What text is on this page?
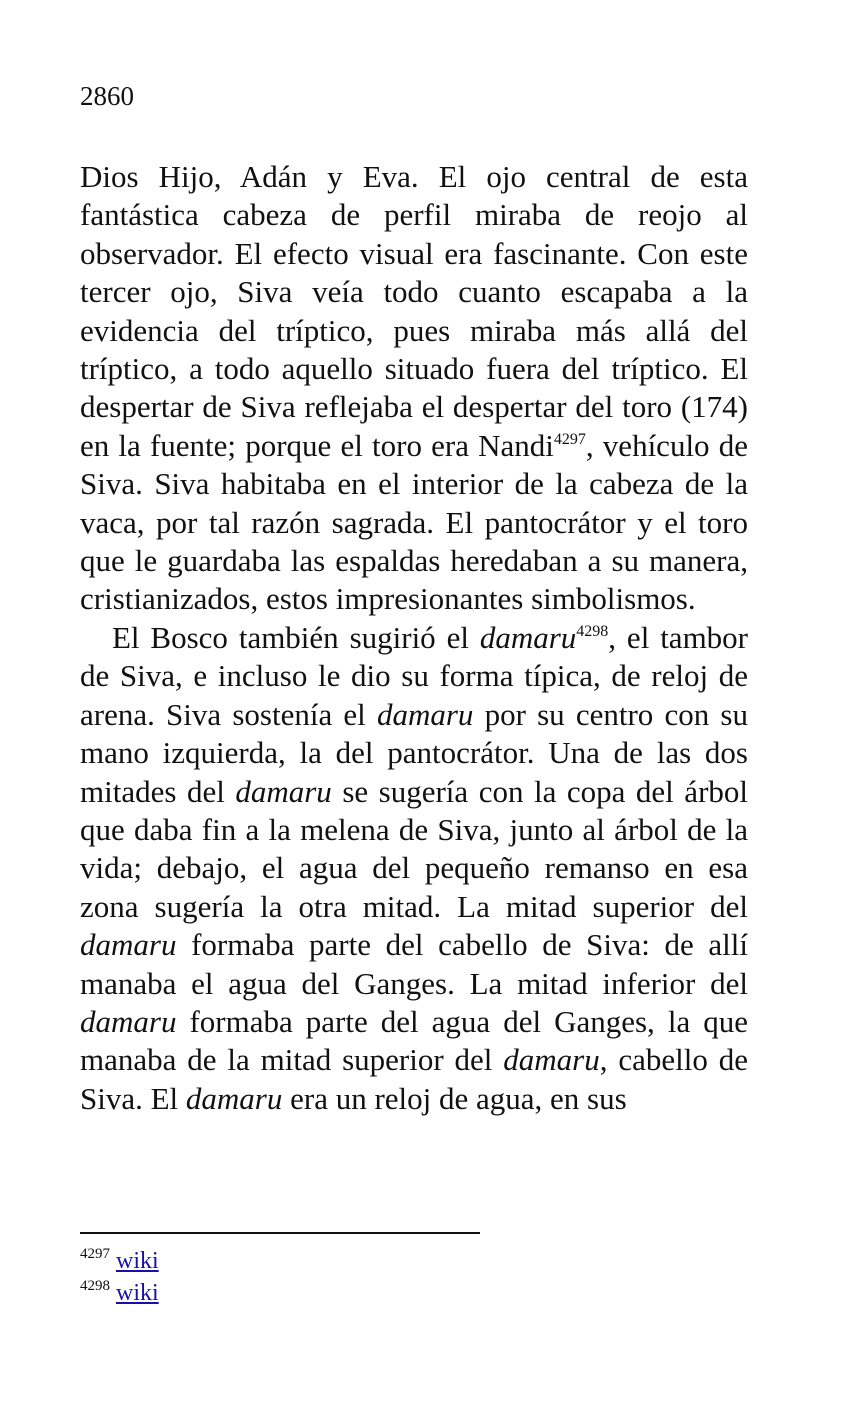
2860

Dios Hijo, Adán y Eva. El ojo central de esta fantástica cabeza de perfil miraba de reojo al observador. El efecto visual era fascinante. Con este tercer ojo, Siva veía todo cuanto escapaba a la evidencia del tríptico, pues miraba más allá del tríptico, a todo aquello situado fuera del tríptico. El despertar de Siva reflejaba el despertar del toro (174) en la fuente; porque el toro era Nandi$^{4297}$, vehículo de Siva. Siva habitaba en el interior de la cabeza de la vaca, por tal razón sagrada. El pantocrátor y el toro que le guardaba las espaldas heredaban a su manera, cristianizados, estos impresionantes simbolismos.

El Bosco también sugirió el damaru$^{4298}$, el tambor de Siva, e incluso le dio su forma típica, de reloj de arena. Siva sostenía el damaru por su centro con su mano izquierda, la del pantocrátor. Una de las dos mitades del damaru se sugería con la copa del árbol que daba fin a la melena de Siva, junto al árbol de la vida; debajo, el agua del pequeño remanso en esa zona sugería la otra mitad. La mitad superior del damaru formaba parte del cabello de Siva: de allí manaba el agua del Ganges. La mitad inferior del damaru formaba parte del agua del Ganges, la que manaba de la mitad superior del damaru, cabello de Siva. El damaru era un reloj de agua, en sus

$^{4297}$ wiki
$^{4298}$ wiki
